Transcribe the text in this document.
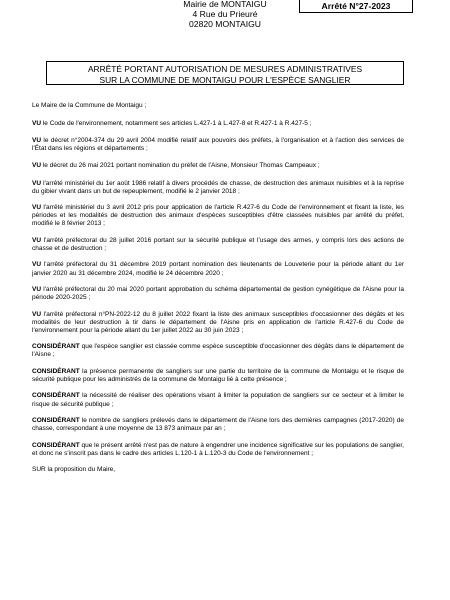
Mairie de MONTAIGU
4 Rue du Prieuré
02820 MONTAIGU
Arrêté N°27-2023
ARRÊTÉ PORTANT AUTORISATION DE MESURES ADMINISTRATIVES
SUR LA COMMUNE DE MONTAIGU POUR L'ESPÈCE SANGLIER

Le Maire de la Commune de Montaigu ;

VU le Code de l'environnement, notamment ses articles L.427-1 à L.427-8 et R.427-1 à R.427-5 ;

VU le décret n°2004-374 du 29 avril 2004 modifié relatif aux pouvoirs des préfets, à l'organisation et à l'action des services de l'État dans les régions et départements ;

VU le décret du 26 mai 2021 portant nomination du préfet de l'Aisne, Monsieur Thomas Campeaux ;

VU l'arrêté ministériel du 1er août 1986 relatif à divers procédés de chasse, de destruction des animaux nuisibles et à la reprise du gibier vivant dans un but de repeuplement, modifié le 2 janvier 2018 ;

VU l'arrêté ministériel du 3 avril 2012 pris pour application de l'article R.427-6 du Code de l'environnement et fixant la liste, les périodes et les modalités de destruction des animaux d'espèces susceptibles d'être classées nuisibles par arrêté du préfet, modifié le 8 février 2013 ;

VU l'arrêté préfectoral du 28 juillet 2016 portant sur la sécurité publique et l'usage des armes, y compris lors des actions de chasse et de destruction ;

VU l'arrêté préfectoral du 31 décembre 2019 portant nomination des lieutenants de Louveterie pour la période allant du 1er janvier 2020 au 31 décembre 2024, modifié le 24 décembre 2020 ;

VU l'arrêté préfectoral du 20 mai 2020 portant approbation du schéma départemental de gestion cynégétique de l'Aisne pour la période 2020-2025 ;

VU l'arrêté préfectoral n°PN-2022-12 du 8 juillet 2022 fixant la liste des animaux susceptibles d'occasionner des dégâts et les modalités de leur destruction à tir dans le département de l'Aisne pris en application de l'article R.427-6 du Code de l'environnement pour la période allant du 1er juillet 2022 au 30 juin 2023 ;

CONSIDÉRANT que l'espèce sanglier est classée comme espèce susceptible d'occasionner des dégâts dans le département de l'Aisne ;

CONSIDÉRANT la présence permanente de sangliers sur une partie du territoire de la commune de Montaigu et le risque de sécurité publique pour les administrés de la commune de Montaigu lié à cette présence ;

CONSIDÉRANT la nécessité de réaliser des opérations visant à limiter la population de sangliers sur ce secteur et à limiter le risque de sécurité publique ;

CONSIDÉRANT le nombre de sangliers prélevés dans le département de l'Aisne lors des dernières campagnes (2017-2020) de chasse, correspondant à une moyenne de 13 873 animaux par an ;

CONSIDÉRANT que le présent arrêté n'est pas de nature à engendrer une incidence significative sur les populations de sanglier, et donc ne s'inscrit pas dans le cadre des articles L.120-1 à L.120-3 du Code de l'environnement ;

SUR la proposition du Maire,
